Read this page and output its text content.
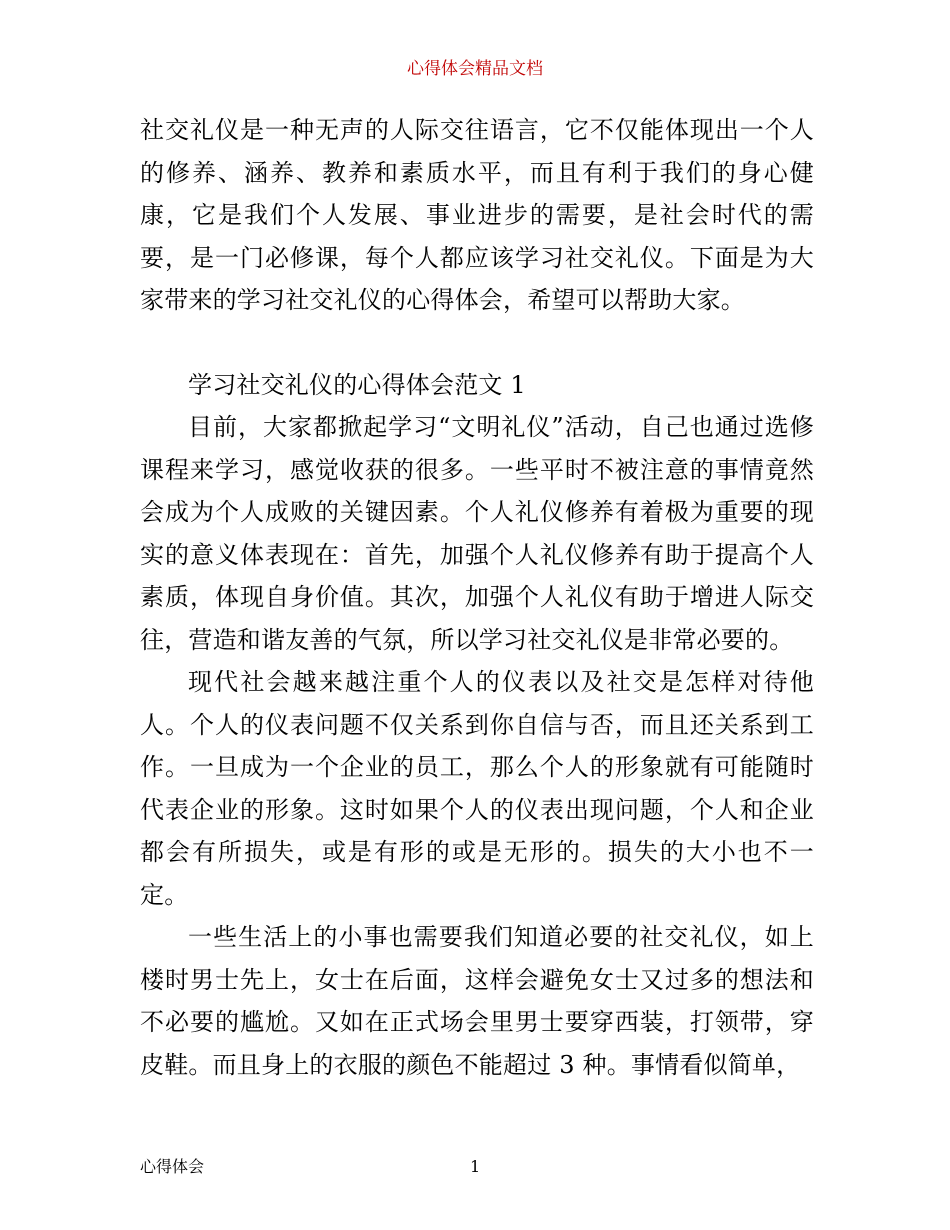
心得体会精品文档

社交礼仪是一种无声的人际交往语言，它不仅能体现出一个人的修养、涵养、教养和素质水平，而且有利于我们的身心健康，它是我们个人发展、事业进步的需要，是社会时代的需要，是一门必修课，每个人都应该学习社交礼仪。下面是为大家带来的学习社交礼仪的心得体会，希望可以帮助大家。

学习社交礼仪的心得体会范文 1

目前，大家都掀起学习“文明礼仪”活动，自己也通过选修课程来学习，感觉收获的很多。一些平时不被注意的事情竟然会成为个人成败的关键因素。个人礼仪修养有着极为重要的现实的意义体表现在：首先，加强个人礼仪修养有助于提高个人素质，体现自身价值。其次，加强个人礼仪有助于增进人际交往，营造和谐友善的气氛，所以学习社交礼仪是非常必要的。

现代社会越来越注重个人的仪表以及社交是怎样对待他人。个人的仪表问题不仅关系到你自信与否，而且还关系到工作。一旦成为一个企业的员工，那么个人的形象就有可能随时代表企业的形象。这时如果个人的仪表出现问题，个人和企业都会有所损失，或是有形的或是无形的。损失的大小也不一定。

一些生活上的小事也需要我们知道必要的社交礼仪，如上楼时男士先上，女士在后面，这样会避免女士又过多的想法和不必要的尴尬。又如在正式场会里男士要穿西装，打领带，穿皮鞋。而且身上的衣服的颜色不能超过 3 种。事情看似简单，

心得体会	1
